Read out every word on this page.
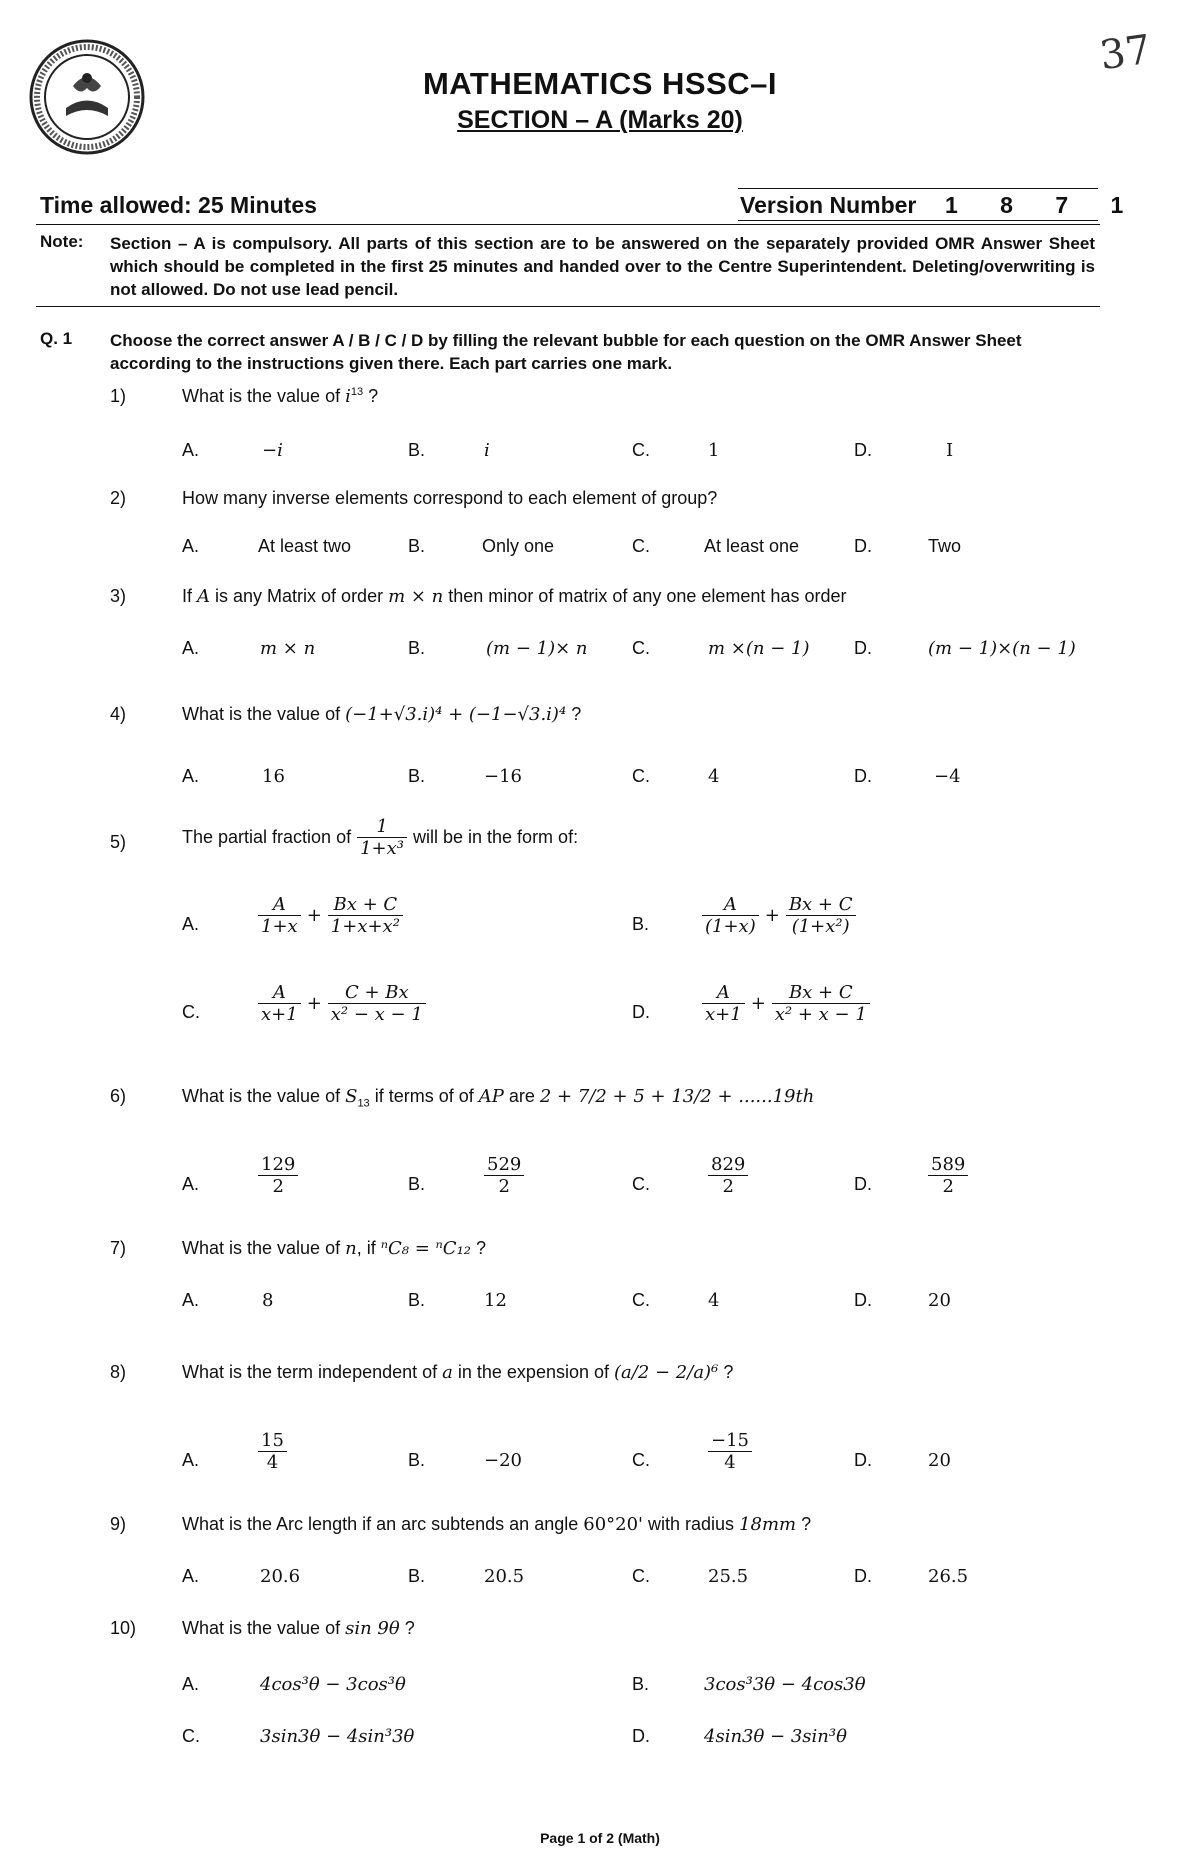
37
MATHEMATICS HSSC–I
SECTION – A (Marks 20)
Time allowed: 25 Minutes	Version Number 1 8 7 1
Note: Section – A is compulsory. All parts of this section are to be answered on the separately provided OMR Answer Sheet which should be completed in the first 25 minutes and handed over to the Centre Superintendent. Deleting/overwriting is not allowed. Do not use lead pencil.
Q. 1 Choose the correct answer A / B / C / D by filling the relevant bubble for each question on the OMR Answer Sheet according to the instructions given there. Each part carries one mark.
1)	What is the value of $i^{13}$ ?
A.	−i	B.	i	C.	1	D.	I
2)	How many inverse elements correspond to each element of group?
A.	At least two	B.	Only one	C.	At least one	D.	Two
3)	If A is any Matrix of order m × n then minor of matrix of any one element has order
A.	m × n	B.	(m − 1)× n C.	m ×(n − 1) D.	(m − 1)×(n − 1)
4)	What is the value of (−1+√3.i)⁴ + (−1−√3.i)⁴ ?
A.	16	B.	−16	C.	4	D.	−4
5)	The partial fraction of $\frac{1}{\text{1+x³}}$ will be in the form of:
A.	$\frac{A}{1+x} + \frac{Bx + C}{\text{1+x+x²}}$	B.	$\frac{A}{(1+x)} + \frac{Bx + C}{\text{(1+x²)}}$
C.	$\frac{A}{x+1} + \frac{C + Bx}{\text{x² − x − 1}}$	D.	$\frac{A}{x+1} + \frac{Bx + C}{\text{x² + x − 1}}$
6)	What is the value of $S_{13}$ if terms of of AP are 2 + 7/2 + 5 + 13/2 + ......19th
A.	$\frac{129}{2}$	B.	$\frac{529}{2}$	C.	$\frac{829}{2}$	D.	$\frac{589}{2}$
7)	What is the value of n, if ⁿC₈ = ⁿC₁₂ ?
A.	8	B.	12	C.	4	D.	20
8)	What is the term independent of a in the expension of (a/2 − 2/a)⁶ ?
A.	$\frac{15}{4}$	B.	−20	C.	$\frac{-15}{4}$	D.	20
9)	What is the Arc length if an arc subtends an angle 60°20' with radius 18mm ?
A.	20.6	B.	20.5	C.	25.5	D.	26.5
10)	What is the value of sin 9θ ?
A.	4cos³θ − 3cos³θ	B.	3cos³3θ − 4cos3θ
C.	3sin3θ − 4sin³3θ	D.	4sin3θ − 3sin³θ
Page 1 of 2 (Math)
